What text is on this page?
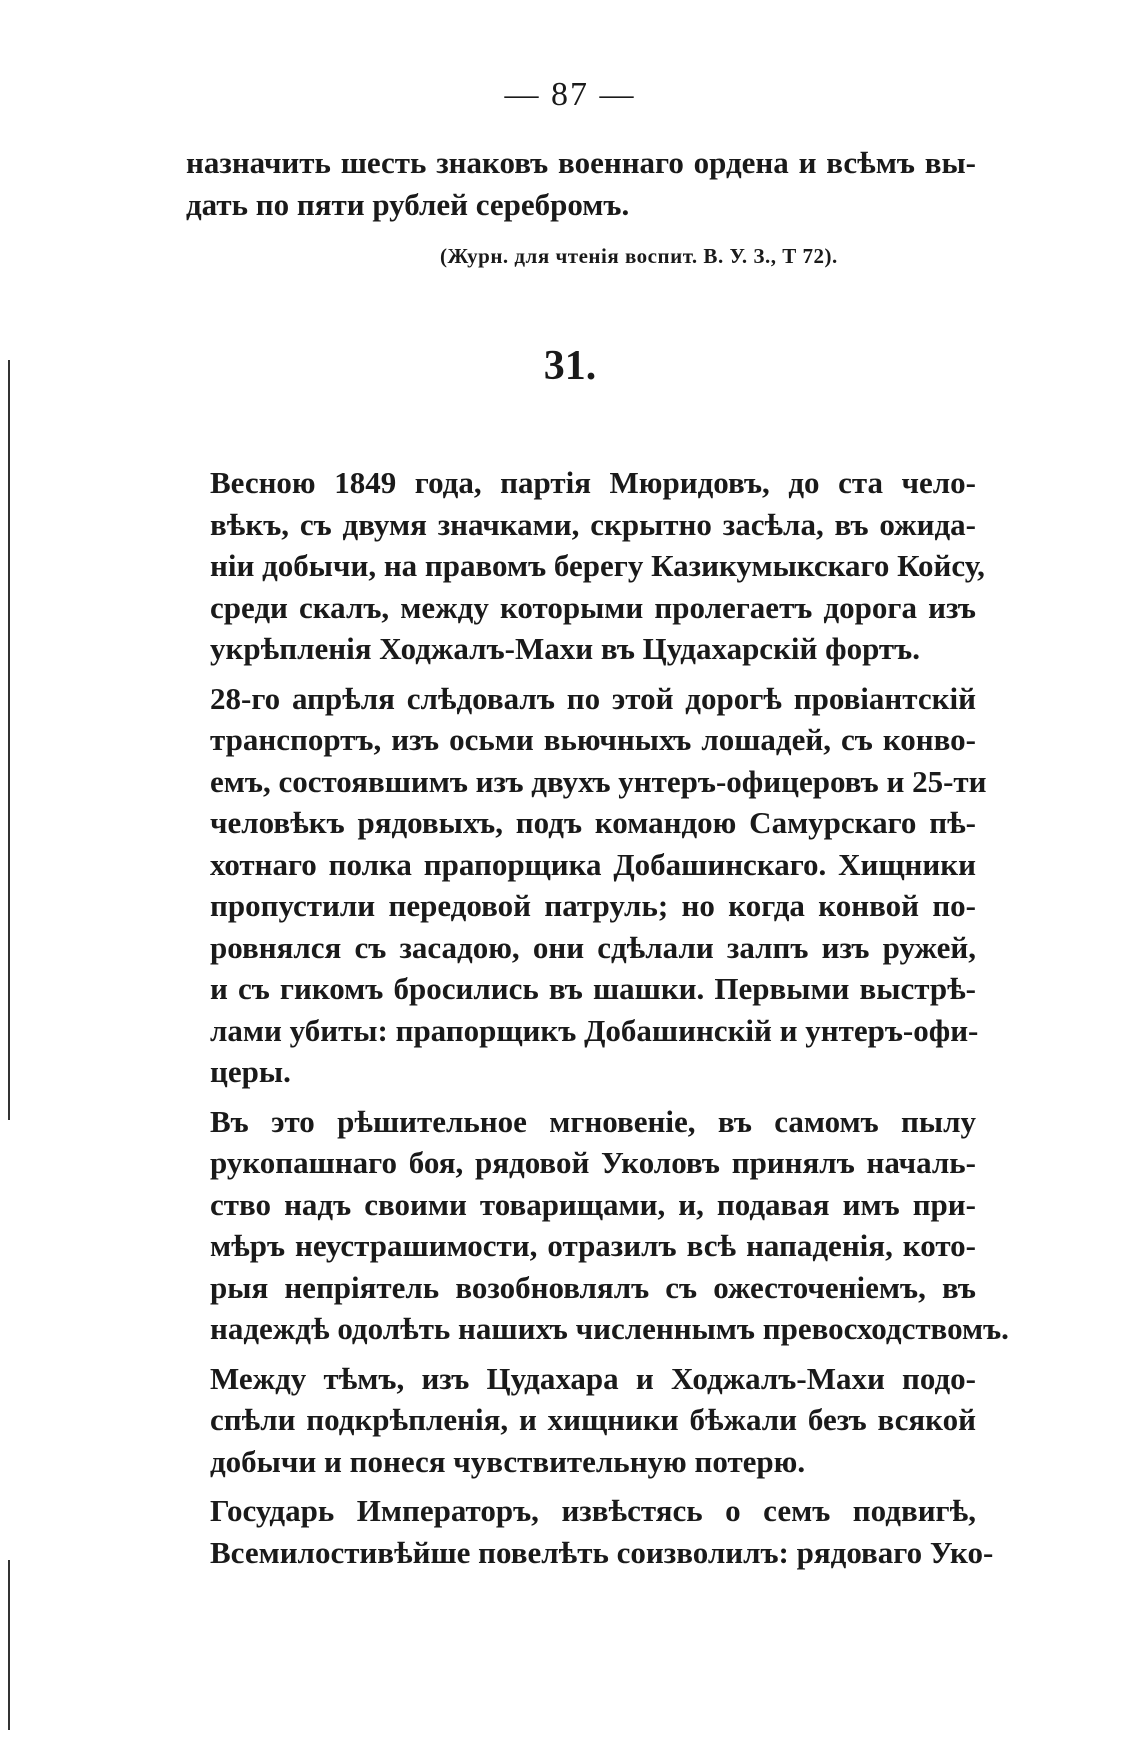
— 87 —
назначить шесть знаковъ военнаго ордена и всѣмъ вы-
дать по пяти рублей серебромъ.
(Журн. для чтенія воспит. В. У. З., Т 72).
31.
Весною 1849 года, партія Мюридовъ, до ста чело-
вѣкъ, съ двумя значками, скрытно засѣла, въ ожида-
ніи добычи, на правомъ берегу Казикумыкскаго Койсу,
среди скалъ, между которыми пролегаетъ дорога изъ
укрѣпленія Ходжалъ-Махи въ Цудахарскій фортъ.
28-го апрѣля слѣдовалъ по этой дорогѣ провіантскій
транспортъ, изъ осьми вьючныхъ лошадей, съ конво-
емъ, состоявшимъ изъ двухъ унтеръ-офицеровъ и 25-ти
человѣкъ рядовыхъ, подъ командою Самурскаго пѣ-
хотнаго полка прапорщика Добашинскаго. Хищники
пропустили передовой патруль; но когда конвой по-
ровнялся съ засадою, они сдѣлали залпъ изъ ружей,
и съ гикомъ бросились въ шашки. Первыми выстрѣ-
лами убиты: прапорщикъ Добашинскій и унтеръ-офи-
церы.
Въ это рѣшительное мгновеніе, въ самомъ пылу
рукопашнаго боя, рядовой Уколовъ принялъ началь-
ство надъ своими товарищами, и, подавая имъ при-
мѣръ неустрашимости, отразилъ всѣ нападенія, кото-
рыя непріятель возобновлялъ съ ожесточеніемъ, въ
надеждѣ одолѣть нашихъ численнымъ превосходствомъ.
Между тѣмъ, изъ Цудахара и Ходжалъ-Махи подо-
спѣли подкрѣпленія, и хищники бѣжали безъ всякой
добычи и понеся чувствительную потерю.
Государь Императоръ, извѣстясь о семъ подвигѣ,
Всемилостивѣйше повелѣть соизволилъ: рядоваго Уко-
